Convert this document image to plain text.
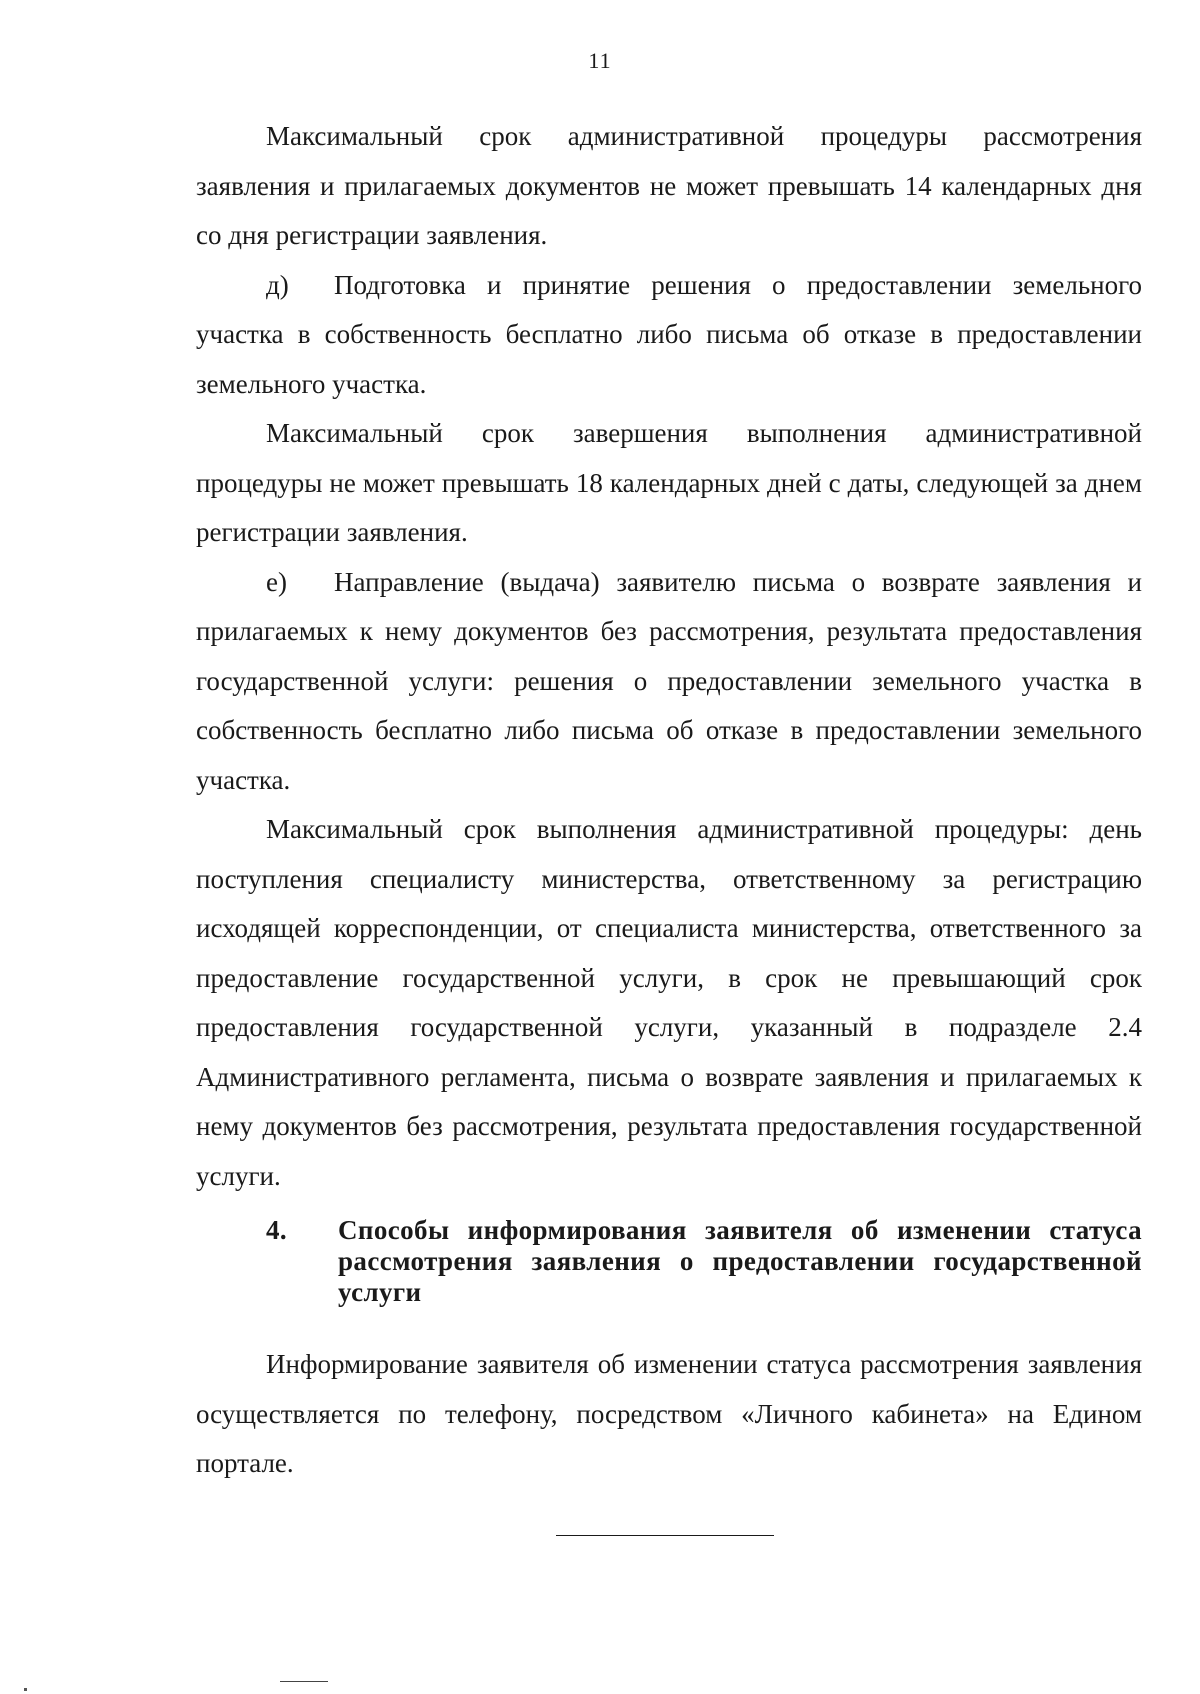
11

Максимальный срок административной процедуры рассмотрения заявления и прилагаемых документов не может превышать 14 календарных дня со дня регистрации заявления.

д) Подготовка и принятие решения о предоставлении земельного участка в собственность бесплатно либо письма об отказе в предоставлении земельного участка.

Максимальный срок завершения выполнения административной процедуры не может превышать 18 календарных дней с даты, следующей за днем регистрации заявления.

е) Направление (выдача) заявителю письма о возврате заявления и прилагаемых к нему документов без рассмотрения, результата предоставления государственной услуги: решения о предоставлении земельного участка в собственность бесплатно либо письма об отказе в предоставлении земельного участка.

Максимальный срок выполнения административной процедуры: день поступления специалисту министерства, ответственному за регистрацию исходящей корреспонденции, от специалиста министерства, ответственного за предоставление государственной услуги, в срок не превышающий срок предоставления государственной услуги, указанный в подразделе 2.4 Административного регламента, письма о возврате заявления и прилагаемых к нему документов без рассмотрения, результата предоставления государственной услуги.

4.	Способы информирования заявителя об изменении статуса рассмотрения заявления о предоставлении государственной услуги

Информирование заявителя об изменении статуса рассмотрения заявления осуществляется по телефону, посредством «Личного кабинета» на Едином портале.
